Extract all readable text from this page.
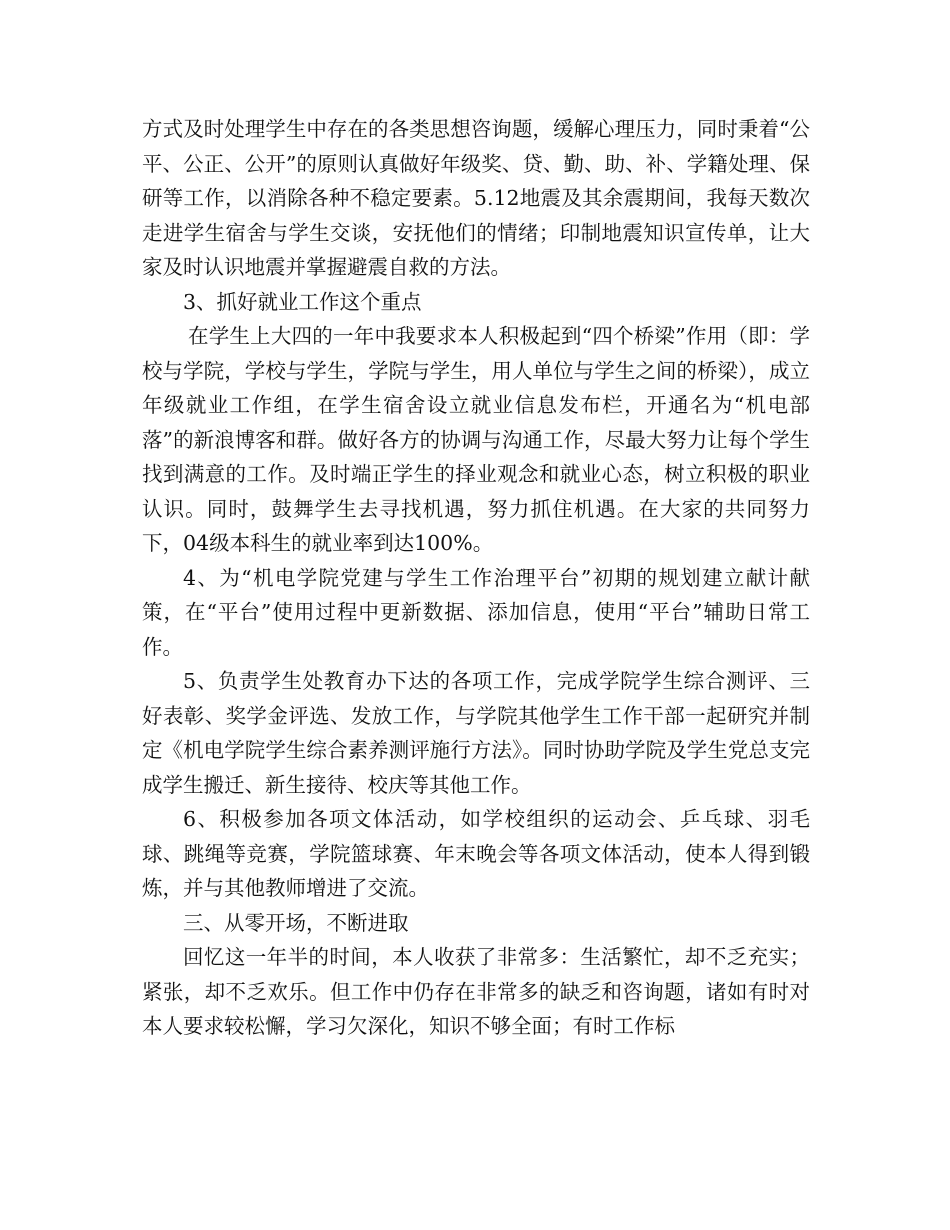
方式及时处理学生中存在的各类思想咨询题，缓解心理压力，同时秉着“公平、公正、公开”的原则认真做好年级奖、贷、勤、助、补、学籍处理、保研等工作，以消除各种不稳定要素。5.12地震及其余震期间，我每天数次走进学生宿舍与学生交谈，安抚他们的情绪；印制地震知识宣传单，让大家及时认识地震并掌握避震自救的方法。

3、抓好就业工作这个重点

在学生上大四的一年中我要求本人积极起到“四个桥梁”作用（即：学校与学院，学校与学生，学院与学生，用人单位与学生之间的桥梁），成立年级就业工作组，在学生宿舍设立就业信息发布栏，开通名为“机电部落”的新浪博客和群。做好各方的协调与沟通工作，尽最大努力让每个学生找到满意的工作。及时端正学生的择业观念和就业心态，树立积极的职业认识。同时，鼓舞学生去寻找机遇，努力抓住机遇。在大家的共同努力下，04级本科生的就业率到达100%。

4、为“机电学院党建与学生工作治理平台”初期的规划建立献计献策，在“平台”使用过程中更新数据、添加信息，使用“平台”辅助日常工作。

5、负责学生处教育办下达的各项工作，完成学院学生综合测评、三好表彰、奖学金评选、发放工作，与学院其他学生工作干部一起研究并制定《机电学院学生综合素养测评施行方法》。同时协助学院及学生党总支完成学生搬迁、新生接待、校庆等其他工作。

6、积极参加各项文体活动，如学校组织的运动会、乒乓球、羽毛球、跳绳等竞赛，学院篮球赛、年末晚会等各项文体活动，使本人得到锻炼，并与其他教师增进了交流。

三、从零开场，不断进取

回忆这一年半的时间，本人收获了非常多：生活繁忙，却不乏充实；紧张，却不乏欢乐。但工作中仍存在非常多的缺乏和咨询题，诸如有时对本人要求较松懈，学习欠深化，知识不够全面；有时工作标
